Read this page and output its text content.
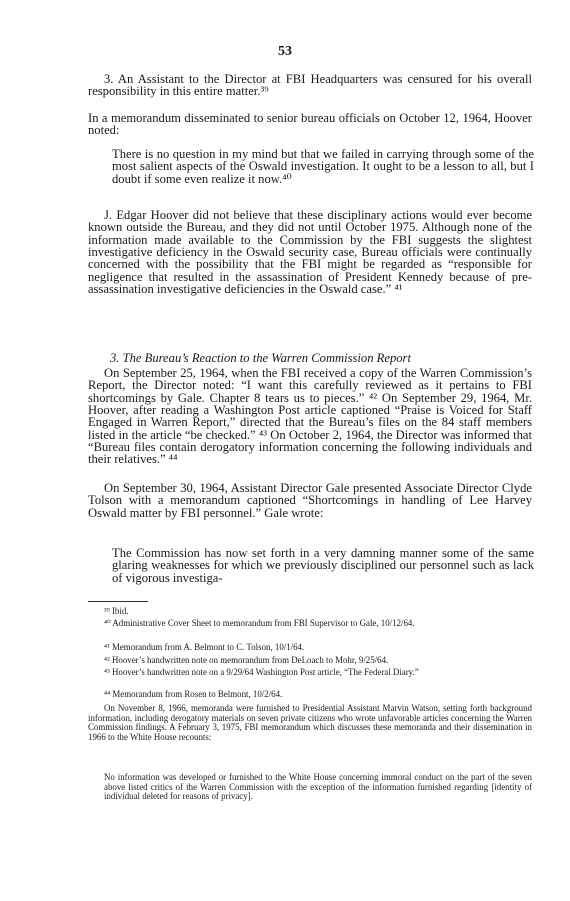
53

3. An Assistant to the Director at FBI Headquarters was censured for his overall responsibility in this entire matter.³⁹

In a memorandum disseminated to senior bureau officials on October 12, 1964, Hoover noted:

There is no question in my mind but that we failed in carrying through some of the most salient aspects of the Oswald investigation. It ought to be a lesson to all, but I doubt if some even realize it now.⁴⁰

J. Edgar Hoover did not believe that these disciplinary actions would ever become known outside the Bureau, and they did not until October 1975. Although none of the information made available to the Commission by the FBI suggests the slightest investigative deficiency in the Oswald security case, Bureau officials were continually concerned with the possibility that the FBI might be regarded as “responsible for negligence that resulted in the assassination of President Kennedy because of pre-assassination investigative deficiencies in the Oswald case.” ⁴¹

3. The Bureau’s Reaction to the Warren Commission Report

On September 25, 1964, when the FBI received a copy of the Warren Commission’s Report, the Director noted: “I want this carefully reviewed as it pertains to FBI shortcomings by Gale. Chapter 8 tears us to pieces.” ⁴² On September 29, 1964, Mr. Hoover, after reading a Washington Post article captioned “Praise is Voiced for Staff Engaged in Warren Report,” directed that the Bureau’s files on the 84 staff members listed in the article “be checked.” ⁴³ On October 2, 1964, the Director was informed that “Bureau files contain derogatory information concerning the following individuals and their relatives.” ⁴⁴

On September 30, 1964, Assistant Director Gale presented Associate Director Clyde Tolson with a memorandum captioned “Shortcomings in handling of Lee Harvey Oswald matter by FBI personnel.” Gale wrote:

The Commission has now set forth in a very damning manner some of the same glaring weaknesses for which we previously disciplined our personnel such as lack of vigorous investiga-

³⁹ Ibid.

⁴⁰ Administrative Cover Sheet to memorandum from FBI Supervisor to Gale, 10/12/64.

⁴¹ Memorandum from A. Belmont to C. Tolson, 10/1/64.

⁴² Hoover’s handwritten note on memorandum from DeLoach to Mohr, 9/25/64.

⁴³ Hoover’s handwritten note on a 9/29/64 Washington Post article, “The Federal Diary.”

⁴⁴ Memorandum from Rosen to Belmont, 10/2/64.

On November 8, 1966, memoranda were furnished to Presidential Assistant Marvin Watson, setting forth background information, including derogatory materials on seven private citizens who wrote unfavorable articles concerning the Warren Commission findings. A February 3, 1975, FBI memorandum which discusses these memoranda and their dissemination in 1966 to the White House recounts:

No information was developed or furnished to the White House concerning immoral conduct on the part of the seven above listed critics of the Warren Commission with the exception of the information furnished regarding [identity of individual deleted for reasons of privacy].
